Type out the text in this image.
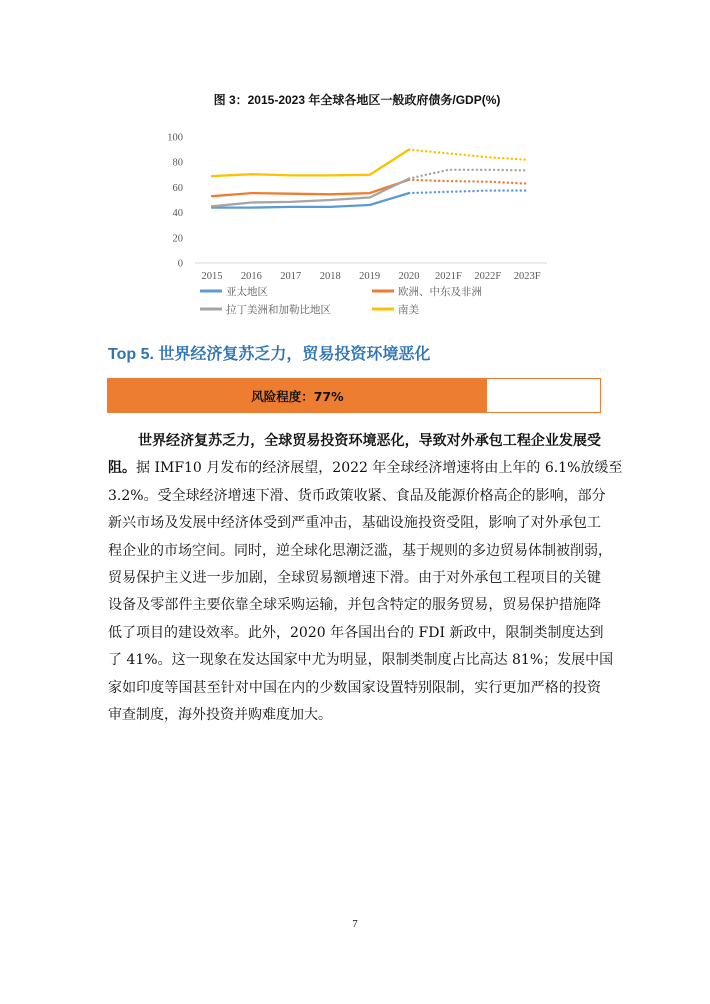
图 3：2015-2023 年全球各地区一般政府债务/GDP(%)
0
20
40
60
80
100
2015 2016 2017 2018 2019 2020 2021F 2022F 2023F
亚太地区	欧洲、中东及非洲
拉丁美洲和加勒比地区	南美
Top 5. 世界经济复苏乏力，贸易投资环境恶化
风险程度：77%
世界经济复苏乏力，全球贸易投资环境恶化，导致对外承包工程企业发展受
阻。据 IMF10 月发布的经济展望，2022 年全球经济增速将由上年的 6.1%放缓至
3.2%。受全球经济增速下滑、货币政策收紧、食品及能源价格高企的影响，部分
新兴市场及发展中经济体受到严重冲击，基础设施投资受阻，影响了对外承包工
程企业的市场空间。同时，逆全球化思潮泛滥，基于规则的多边贸易体制被削弱，
贸易保护主义进一步加剧，全球贸易额增速下滑。由于对外承包工程项目的关键
设备及零部件主要依靠全球采购运输，并包含特定的服务贸易，贸易保护措施降
低了项目的建设效率。此外，2020 年各国出台的 FDI 新政中，限制类制度达到
了 41%。这一现象在发达国家中尤为明显，限制类制度占比高达 81%；发展中国
家如印度等国甚至针对中国在内的少数国家设置特别限制，实行更加严格的投资
审查制度，海外投资并购难度加大。
7
